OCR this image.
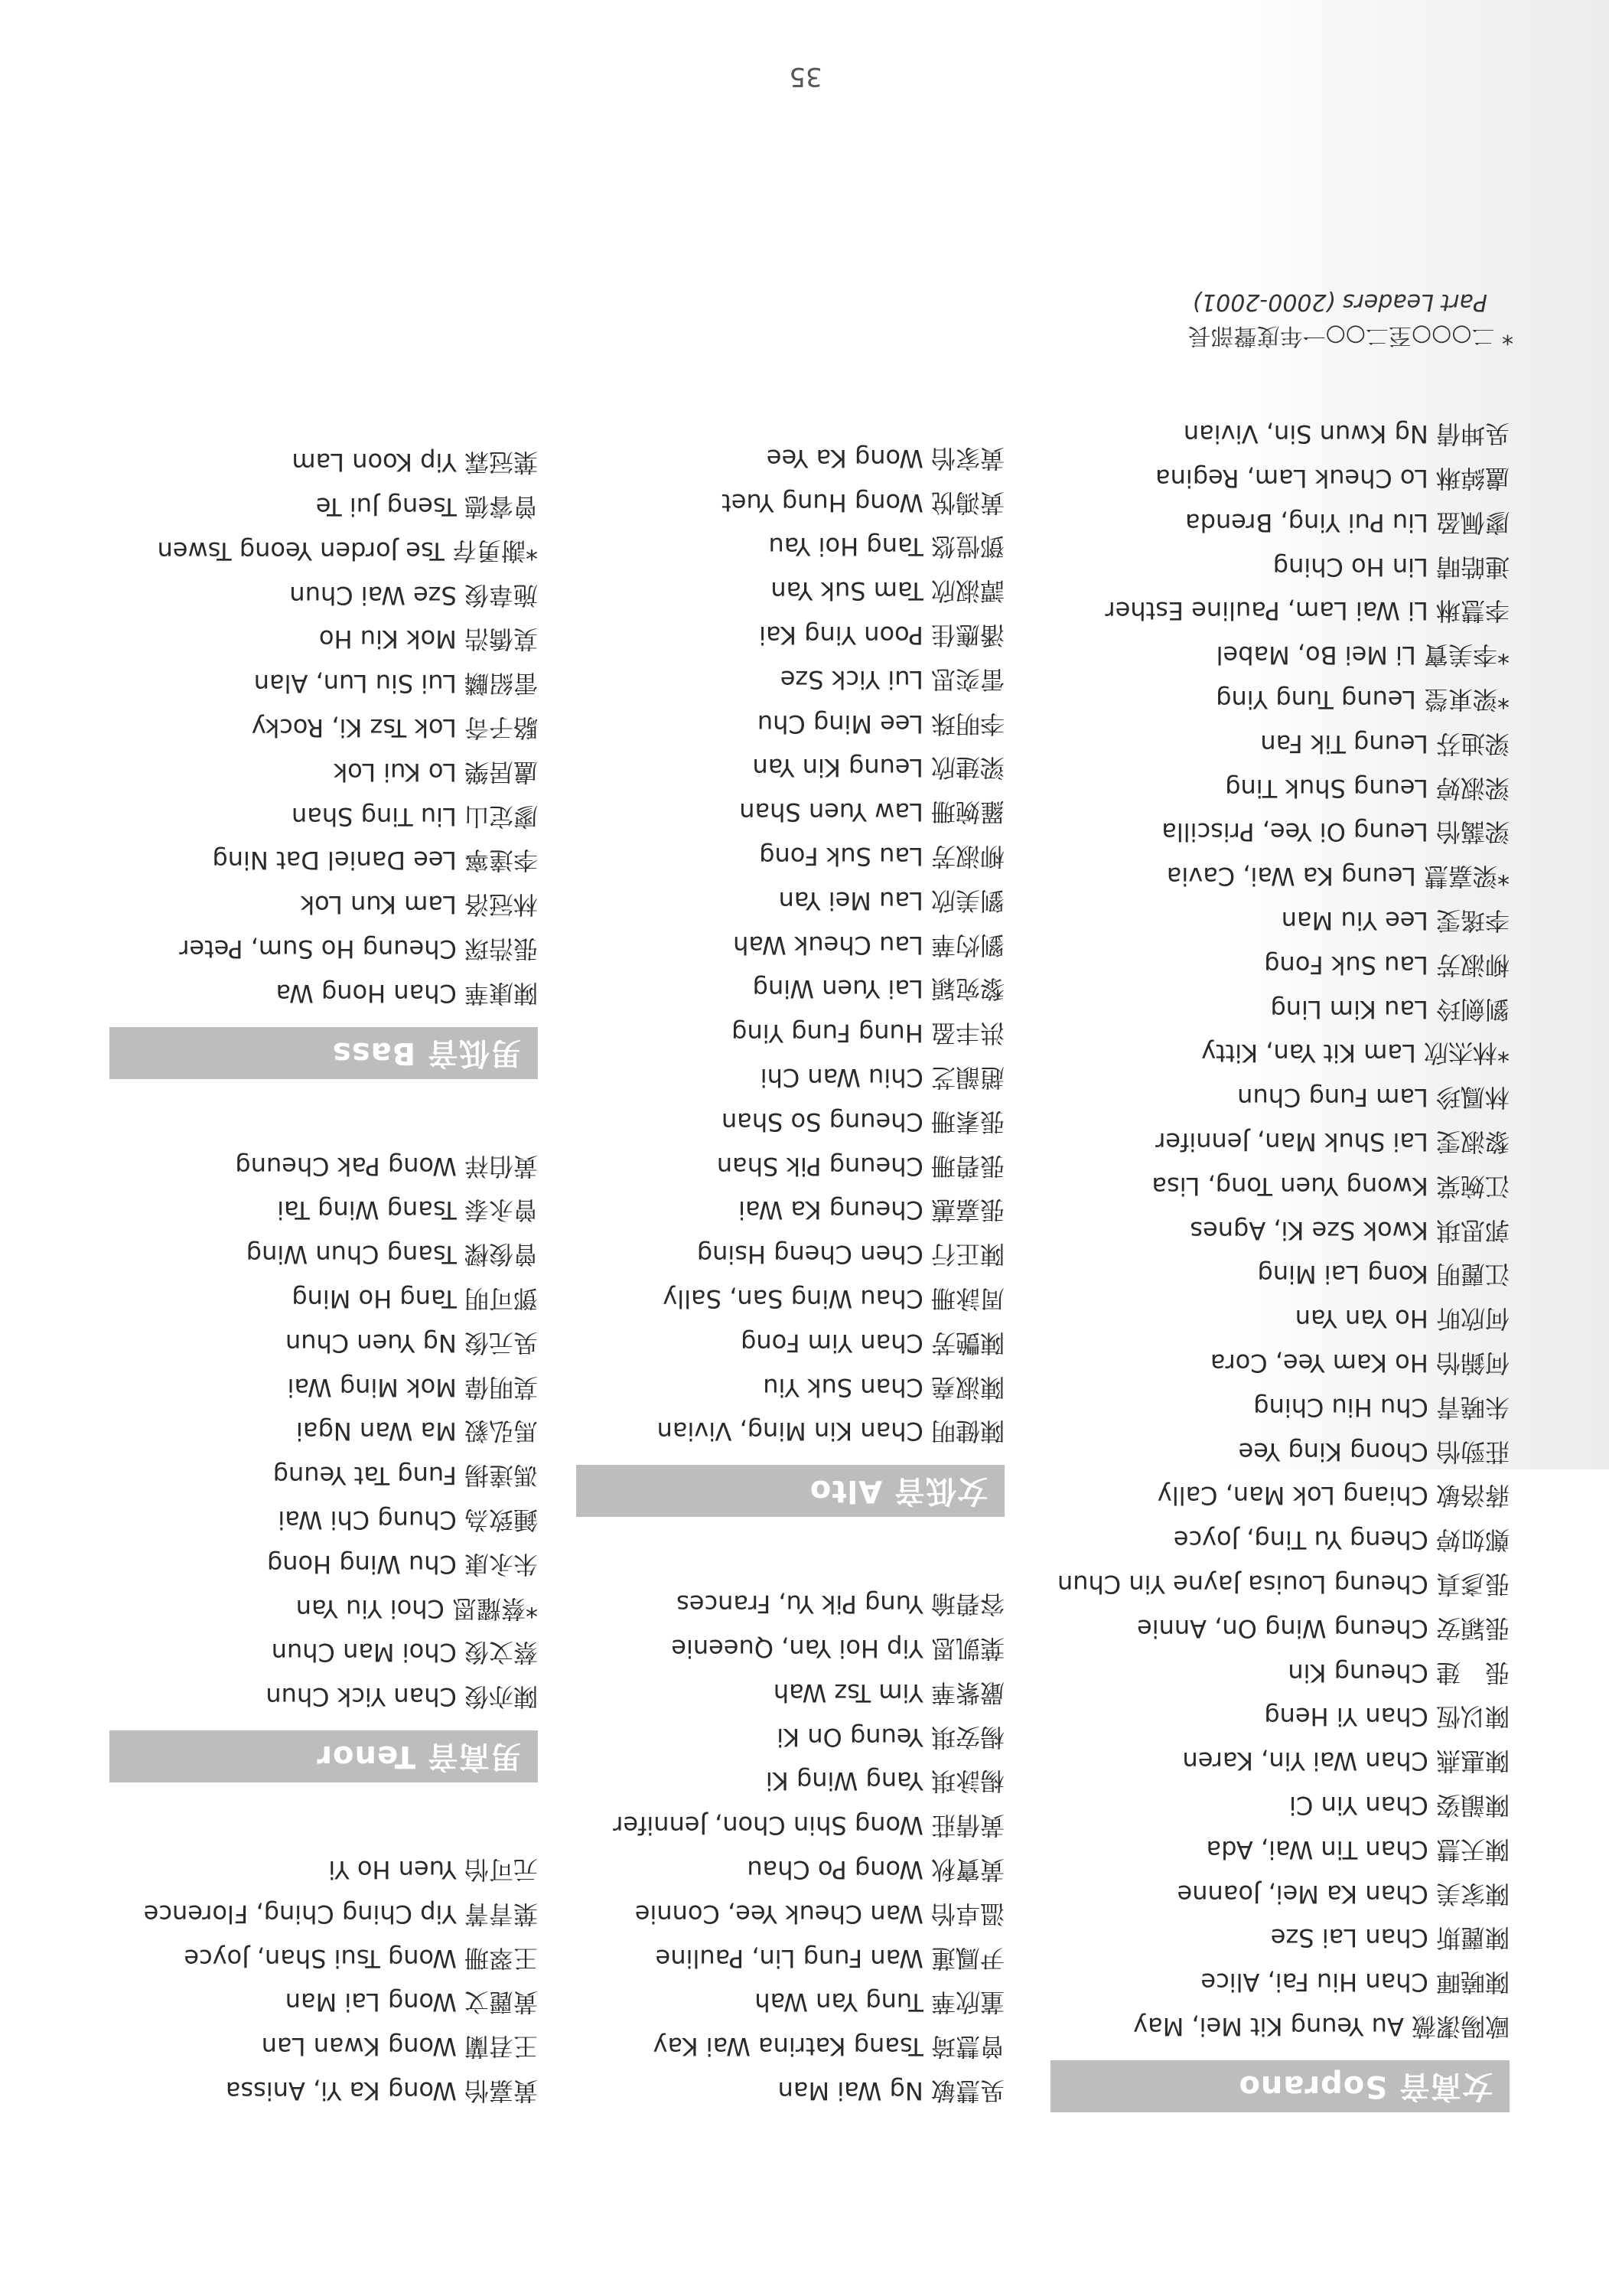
女高音 Soprano
歐陽潔薇 Au Yeung Kit Mei, May
陳曉暉 Chan Hiu Fai, Alice
陳麗斯 Chan Lai Sze
陳家美 Chan Ka Mei, Joanne
陳天慧 Chan Tin Wai, Ada
陳韻姿 Chan Yin Ci
陳惠燕 Chan Wai Yin, Karen
陳以恆 Chan Yi Heng
張　建 Cheung Kin
張穎安 Cheung Wing On, Annie
張彥真 Cheung Louisa Jayne Yin Chun
鄭如婷 Cheng Yu Ting, Joyce
蔣洛敏 Chiang Lok Man, Cally
莊勁怡 Chong King Yee
朱曉青 Chu Hiu Ching
何錦怡 Ho Kam Yee, Cora
何欣昕 Ho Yan Yan
江麗明 Kong Lai Ming
郭思琪 Kwok Sze Ki, Agnes
江婉棠 Kwong Yuen Tong, Lisa
黎淑雯 Lai Shuk Man, Jennifer
林鳳珍 Lam Fung Chun
*林杰欣 Lam Kit Yan, Kitty
劉劍玲 Lau Kim Ling
柳淑芳 Lau Suk Fong
李瑤雯 Lee Yiu Man
*梁嘉慧 Leung Ka Wai, Cavia
梁藹怡 Leung Oi Yee, Priscilla
梁淑婷 Leung Shuk Ting
梁迪芬 Leung Tik Fan
*梁東瑩 Leung Tung Ying
*李美寶 Li Mei Bo, Mabel
李慧琳 Li Wai Lam, Pauline Esther
連皓晴 Lin Ho Ching
廖佩盈 Liu Pui Ying, Brenda
盧綽琳 Lo Cheuk Lam, Regina
吳坤倩 Ng Kwun Sin, Vivian
吳慧敏 Ng Wai Man
曾慧琦 Tsang Katrina Wai Kay
董欣華 Tung Yan Wah
尹鳳蓮 Wan Fung Lin, Pauline
溫卓怡 Wan Cheuk Yee, Connie
黃寶秋 Wong Po Chau
黃倩莊 Wong Shin Chon, Jennifer
楊詠琪 Yang Wing Ki
楊安琪 Yeung On Ki
嚴紫華 Yim Tsz Wah
葉凱恩 Yip Hoi Yan, Queenie
容碧瑜 Yung Pik Yu, Frances
女低音 Alto
陳健明 Chan Kin Ming, Vivian
陳淑堯 Chan Suk Yiu
陳艷芳 Chan Yim Fong
周詠珊 Chau Wing San, Sally
陳正行 Chen Cheng Hsing
張嘉蕙 Cheung Ka Wai
張碧珊 Cheung Pik Shan
張素珊 Cheung So Shan
趙韻芝 Chiu Wan Chi
洪丰盈 Hung Fung Ying
黎宛穎 Lai Yuen Wing
劉灼華 Lau Cheuk Wah
劉美欣 Lau Mei Yan
柳淑芳 Lau Suk Fong
羅婉珊 Law Yuen Shan
梁建欣 Leung Kin Yan
李明珠 Lee Ming Chu
雷奕思 Lui Yick Sze
潘應佳 Poon Ying Kai
譚淑欣 Tam Suk Yan
鄧愷悠 Tang Hoi Yau
黃鴻悅 Wong Hung Yuet
黃家怡 Wong Ka Yee
黃嘉怡 Wong Ka Yi, Anissa
王君蘭 Wong Kwan Lan
黃麗文 Wong Lai Man
王翠珊 Wong Tsui Shan, Joyce
葉青菁 Yip Ching Ching, Florence
元可怡 Yuen Ho Yi
男高音 Tenor
陳亦俊 Chan Yick Chun
蔡文俊 Choi Man Chun
*蔡耀恩 Choi Yiu Yan
朱永康 Chu Wing Hong
鍾致為 Chung Chi Wai
馮達揚 Fung Tat Yeung
馬弘毅 Ma Wan Ngai
莫明偉 Mok Ming Wai
吳元俊 Ng Yuen Chun
鄧可明 Tang Ho Ming
曾俊樑 Tsang Chun Wing
曾永泰 Tsang Wing Tai
黃伯祥 Wong Pak Cheung
男低音 Bass
陳康華 Chan Hong Wa
張浩琛 Cheung Ho Sum, Peter
林冠洛 Lam Kun Lok
李達寧 Lee Daniel Dat Ning
廖定山 Liu Ting Shan
盧居樂 Lo Kui Lok
駱子奇 Lok Tsz Ki, Rocky
雷紹麟 Lui Siu Lun, Alan
莫僑浩 Mok Kiu Ho
施韋俊 Sze Wai Chun
*謝勇存 Tse Jorden Yeong Tswen
曾睿德 Tseng Jui Te
葉冠霖 Yip Koon Lam
* 二○○○至二○○一年度聲部長
Part Leaders (2000-2001)
35
